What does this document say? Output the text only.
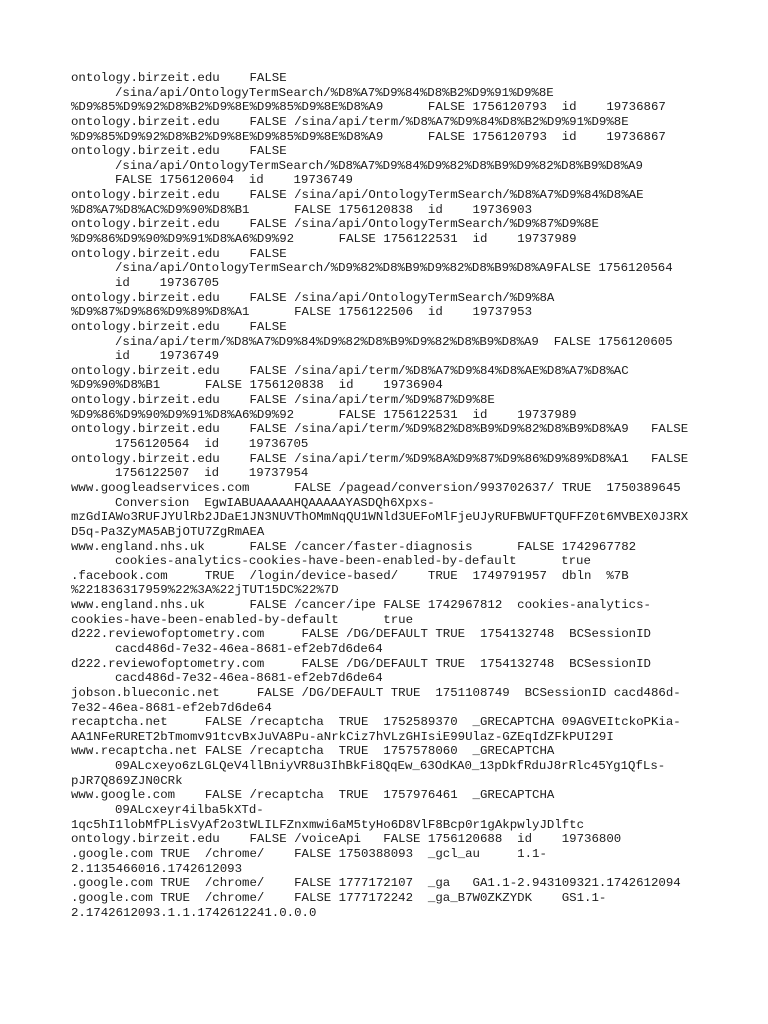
ontology.birzeit.edu    FALSE
/sina/api/OntologyTermSearch/%D8%A7%D9%84%D8%B2%D9%91%D9%8E
%D9%85%D9%92%D8%B2%D9%8E%D9%85%D9%8E%D8%A9      FALSE 1756120793  id    19736867
ontology.birzeit.edu    FALSE /sina/api/term/%D8%A7%D9%84%D8%B2%D9%91%D9%8E
%D9%85%D9%92%D8%B2%D9%8E%D9%85%D9%8E%D8%A9      FALSE 1756120793  id    19736867
ontology.birzeit.edu    FALSE
/sina/api/OntologyTermSearch/%D8%A7%D9%84%D9%82%D8%B9%D9%82%D8%B9%D8%A9
FALSE 1756120604  id    19736749
ontology.birzeit.edu    FALSE /sina/api/OntologyTermSearch/%D8%A7%D9%84%D8%AE
%D8%A7%D8%AC%D9%90%D8%B1      FALSE 1756120838  id    19736903
ontology.birzeit.edu    FALSE /sina/api/OntologyTermSearch/%D9%87%D9%8E
%D9%86%D9%90%D9%91%D8%A6%D9%92      FALSE 1756122531  id    19737989
ontology.birzeit.edu    FALSE
/sina/api/OntologyTermSearch/%D9%82%D8%B9%D9%82%D8%B9%D8%A9FALSE 1756120564
id    19736705
ontology.birzeit.edu    FALSE /sina/api/OntologyTermSearch/%D9%8A
%D9%87%D9%86%D9%89%D8%A1      FALSE 1756122506  id    19737953
ontology.birzeit.edu    FALSE
/sina/api/term/%D8%A7%D9%84%D9%82%D8%B9%D9%82%D8%B9%D8%A9  FALSE 1756120605
id    19736749
ontology.birzeit.edu    FALSE /sina/api/term/%D8%A7%D9%84%D8%AE%D8%A7%D8%AC
%D9%90%D8%B1      FALSE 1756120838  id    19736904
ontology.birzeit.edu    FALSE /sina/api/term/%D9%87%D9%8E
%D9%86%D9%90%D9%91%D8%A6%D9%92      FALSE 1756122531  id    19737989
ontology.birzeit.edu    FALSE /sina/api/term/%D9%82%D8%B9%D9%82%D8%B9%D8%A9   FALSE
1756120564  id    19736705
ontology.birzeit.edu    FALSE /sina/api/term/%D9%8A%D9%87%D9%86%D9%89%D8%A1   FALSE
1756122507  id    19737954
www.googleadservices.com      FALSE /pagead/conversion/993702637/ TRUE  1750389645
Conversion  EgwIABUAAAAAHQAAAAAYASDQh6Xpxs-
mzGdIAWo3RUFJYUlRb2JDaE1JN3NUVThOMmNqQU1WNld3UEFoMlFjeUJyRUFBWUFTQUFFZ0t6MVBEX0J3RX
D5q-Pa3ZyMA5ABjOTU7ZgRmAEA
www.england.nhs.uk      FALSE /cancer/faster-diagnosis      FALSE 1742967782
cookies-analytics-cookies-have-been-enabled-by-default      true
.facebook.com     TRUE  /login/device-based/    TRUE  1749791957  dbln  %7B
%221836317959%22%3A%22jTUT15DC%22%7D
www.england.nhs.uk      FALSE /cancer/ipe FALSE 1742967812  cookies-analytics-
cookies-have-been-enabled-by-default      true
d222.reviewofoptometry.com     FALSE /DG/DEFAULT TRUE  1754132748  BCSessionID
cacd486d-7e32-46ea-8681-ef2eb7d6de64
d222.reviewofoptometry.com     FALSE /DG/DEFAULT TRUE  1754132748  BCSessionID
cacd486d-7e32-46ea-8681-ef2eb7d6de64
jobson.blueconic.net     FALSE /DG/DEFAULT TRUE  1751108749  BCSessionID cacd486d-
7e32-46ea-8681-ef2eb7d6de64
recaptcha.net     FALSE /recaptcha  TRUE  1752589370  _GRECAPTCHA 09AGVEItckoPKia-
AA1NFeRURET2bTmomv91tcvBxJuVA8Pu-aNrkCiz7hVLzGHIsiE99Ulaz-GZEqIdZFkPUI29I
www.recaptcha.net FALSE /recaptcha  TRUE  1757578060  _GRECAPTCHA
09ALcxeyo6zLGLQeV4llBniyVR8u3IhBkFi8QqEw_63OdKA0_13pDkfRduJ8rRlc45Yg1QfLs-
pJR7Q869ZJN0CRk
www.google.com    FALSE /recaptcha  TRUE  1757976461  _GRECAPTCHA
09ALcxeyr4ilba5kXTd-
1qc5hI1lobMfPLisVyAf2o3tWLILFZnxmwi6aM5tyHo6D8VlF8Bcp0r1gAkpwlyJDlftc
ontology.birzeit.edu    FALSE /voiceApi   FALSE 1756120688  id    19736800
.google.com TRUE  /chrome/    FALSE 1750388093  _gcl_au     1.1-
2.1135466016.1742612093
.google.com TRUE  /chrome/    FALSE 1777172107  _ga   GA1.1-2.943109321.1742612094
.google.com TRUE  /chrome/    FALSE 1777172242  _ga_B7W0ZKZYDK    GS1.1-
2.1742612093.1.1.1742612241.0.0.0
